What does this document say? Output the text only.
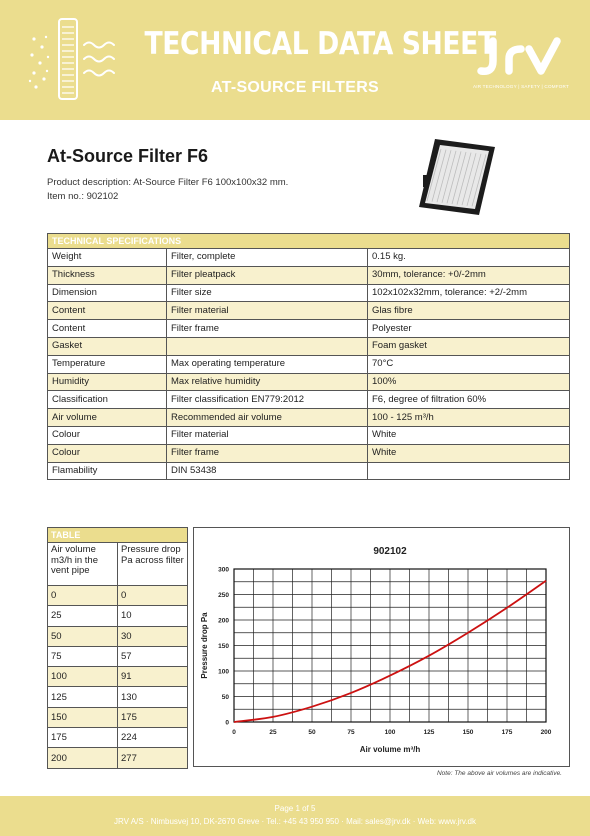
TECHNICAL DATA SHEET
AT-SOURCE FILTERS	AIR TECHNOLOGY | SAFETY | COMFORT
At-Source Filter F6
Product description: At-Source Filter F6 100x100x32 mm.
Item no.: 902102
TECHNICAL SPECIFICATIONS		
Weight	Filter, complete	0.15 kg.
Thickness	Filter pleatpack	30mm, tolerance: +0/-2mm
Dimension	Filter size	102x102x32mm, tolerance: +2/-2mm
Content	Filter material	Glas fibre
Content	Filter frame	Polyester
Gasket		Foam gasket
Temperature	Max operating temperature	70°C
Humidity	Max relative humidity	100%
Classification	Filter classification EN779:2012	F6, degree of filtration 60%
Air volume	Recommended air volume	100 - 125 m³/h
Colour	Filter material	White
Colour	Filter frame	White
Flamability	DIN 53438	
TABLE	
Air volume m3/h in the vent pipe	Pressure drop Pa across filter
0	0
25	10
50	30
75	57
100	91
125	130
150	175
175	224
200	277
902102
0	25	50	75	100	125	150	175	200
0
50
100
150
200
250
300
Air volume m³/h
Pressure drop Pa
Note: The above air volumes are indicative.
Page 1 of 5
JRV A/S · Nimbusvej 10, DK-2670 Greve · Tel.: +45 43 950 950 · Mail: sales@jrv.dk · Web: www.jrv.dk
